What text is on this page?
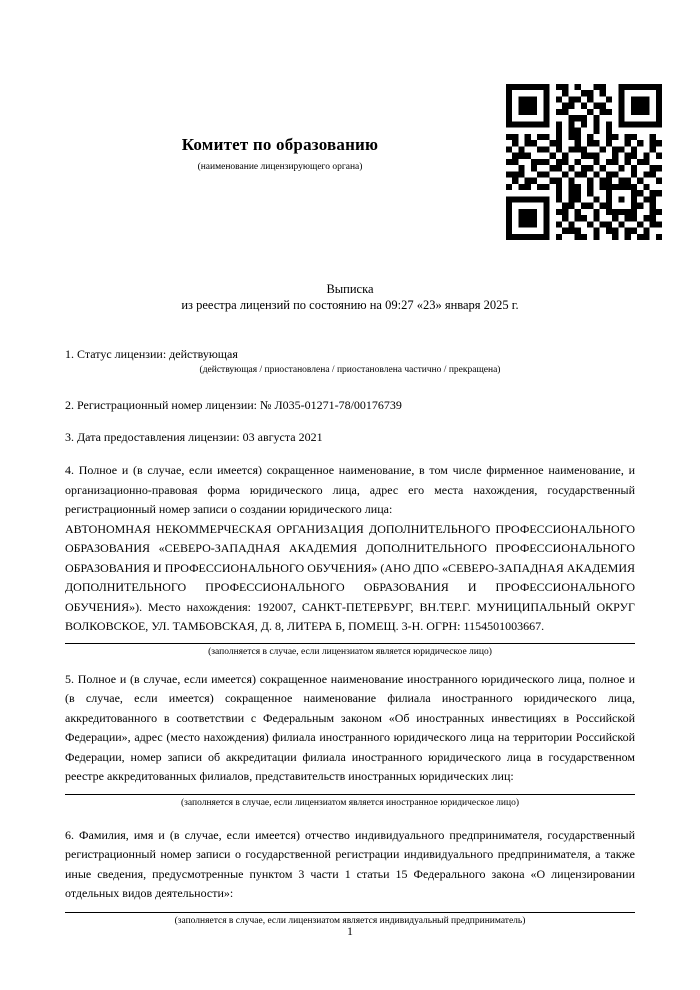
Комитет по образованию
(наименование лицензирующего органа)
Выписка
из реестра лицензий по состоянию на 09:27 «23» января 2025 г.

1. Статус лицензии: действующая

(действующая / приостановлена / приостановлена частично / прекращена)

2. Регистрационный номер лицензии: № Л035-01271-78/00176739

3. Дата предоставления лицензии: 03 августа 2021

4. Полное и (в случае, если имеется) сокращенное наименование, в том числе фирменное наименование, и организационно-правовая форма юридического лица, адрес его места нахождения, государственный регистрационный номер записи о создании юридического лица:

АВТОНОМНАЯ НЕКОММЕРЧЕСКАЯ ОРГАНИЗАЦИЯ ДОПОЛНИТЕЛЬНОГО ПРОФЕССИОНАЛЬНОГО ОБРАЗОВАНИЯ «СЕВЕРО-ЗАПАДНАЯ АКАДЕМИЯ ДОПОЛНИТЕЛЬНОГО ПРОФЕССИОНАЛЬНОГО ОБРАЗОВАНИЯ И ПРОФЕССИОНАЛЬНОГО ОБУЧЕНИЯ» (АНО ДПО «СЕВЕРО-ЗАПАДНАЯ АКАДЕМИЯ ДОПОЛНИТЕЛЬНОГО ПРОФЕССИОНАЛЬНОГО ОБРАЗОВАНИЯ И ПРОФЕССИОНАЛЬНОГО ОБУЧЕНИЯ»). Место нахождения: 192007, САНКТ-ПЕТЕРБУРГ, ВН.ТЕР.Г. МУНИЦИПАЛЬНЫЙ ОКРУГ ВОЛКОВСКОЕ, УЛ. ТАМБОВСКАЯ, Д. 8, ЛИТЕРА Б, ПОМЕЩ. 3-Н. ОГРН: 1154501003667.

(заполняется в случае, если лицензиатом является юридическое лицо)

5. Полное и (в случае, если имеется) сокращенное наименование иностранного юридического лица, полное и (в случае, если имеется) сокращенное наименование филиала иностранного юридического лица, аккредитованного в соответствии с Федеральным законом «Об иностранных инвестициях в Российской Федерации», адрес (место нахождения) филиала иностранного юридического лица на территории Российской Федерации, номер записи об аккредитации филиала иностранного юридического лица в государственном реестре аккредитованных филиалов, представительств иностранных юридических лиц:

(заполняется в случае, если лицензиатом является иностранное юридическое лицо)

6. Фамилия, имя и (в случае, если имеется) отчество индивидуального предпринимателя, государственный регистрационный номер записи о государственной регистрации индивидуального предпринимателя, а также иные сведения, предусмотренные пунктом 3 части 1 статьи 15 Федерального закона «О лицензировании отдельных видов деятельности»:

(заполняется в случае, если лицензиатом является индивидуальный предприниматель)
1
